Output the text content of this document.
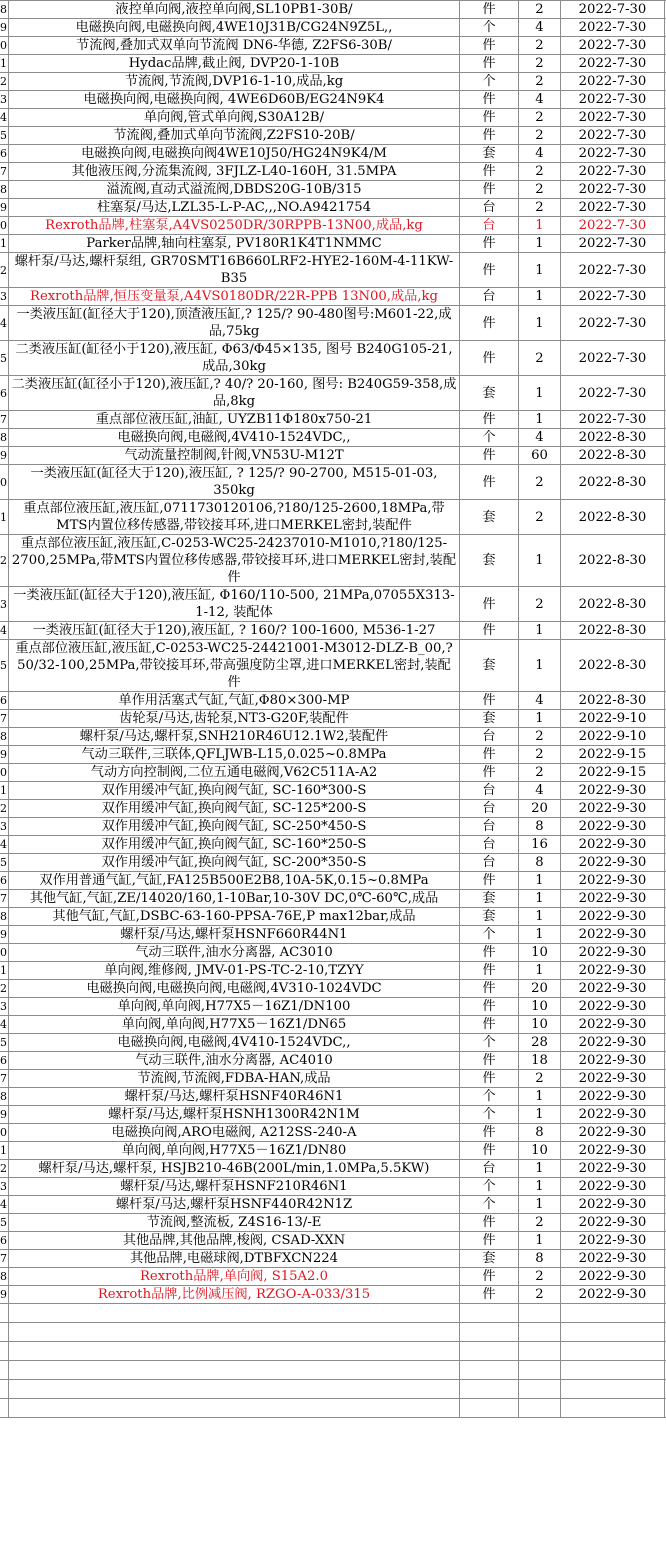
8	液控单向阀,液控单向阀,SL10PB1-30B/	件	2	2022-7-30	
9	电磁换向阀,电磁换向阀,4WE10J31B/CG24N9Z5L,,	个	4	2022-7-30	
0	节流阀,叠加式双单向节流阀 DN6-华德, Z2FS6-30B/	件	2	2022-7-30	
1	Hydac品牌,截止阀, DVP20-1-10B	件	2	2022-7-30	
2	节流阀,节流阀,DVP16-1-10,成品,kg	个	2	2022-7-30	
3	电磁换向阀,电磁换向阀, 4WE6D60B/EG24N9K4	件	4	2022-7-30	
4	单向阀,管式单向阀,S30A12B/	件	2	2022-7-30	
5	节流阀,叠加式单向节流阀,Z2FS10-20B/	件	2	2022-7-30	
6	电磁换向阀,电磁换向阀4WE10J50/HG24N9K4/M	套	4	2022-7-30	
7	其他液压阀,分流集流阀, 3FJLZ-L40-160H, 31.5MPA	件	2	2022-7-30	
8	溢流阀,直动式溢流阀,DBDS20G-10B/315	件	2	2022-7-30	
9	柱塞泵/马达,LZL35-L-P-AC,,,NO.A9421754	台	2	2022-7-30	
0	Rexroth品牌,柱塞泵,A4VS0250DR/30RPPB-13N00,成品,kg	台	1	2022-7-30	
1	Parker品牌,轴向柱塞泵, PV180R1K4T1NMMC	件	1	2022-7-30	
2	螺杆泵/马达,螺杆泵组, GR70SMT16B660LRF2-HYE2-160M-4-11KW-B35	件	1	2022-7-30	
3	Rexroth品牌,恒压变量泵,A4VS0180DR/22R-PPB 13N00,成品,kg	台	1	2022-7-30	
4	一类液压缸(缸径大于120),顶渣液压缸,? 125/? 90-480图号:M601-22,成品,75kg	件	1	2022-7-30	
5	二类液压缸(缸径小于120),液压缸, Φ63/Φ45×135, 图号 B240G105-21,成品,30kg	件	2	2022-7-30	
6	二类液压缸(缸径小于120),液压缸,? 40/? 20-160, 图号: B240G59-358,成品,8kg	套	1	2022-7-30	
7	重点部位液压缸,油缸, UYZB11Φ180x750-21	件	1	2022-7-30	
8	电磁换向阀,电磁阀,4V410-1524VDC,,	个	4	2022-8-30	
9	气动流量控制阀,针阀,VN53U-M12T	件	60	2022-8-30	
0	一类液压缸(缸径大于120),液压缸, ? 125/? 90-2700, M515-01-03, 350kg	件	2	2022-8-30	
1	重点部位液压缸,液压缸,0711730120106,?180/125-2600,18MPa,带MTS内置位移传感器,带铰接耳环,进口MERKEL密封,装配件	套	2	2022-8-30	
2	重点部位液压缸,液压缸,C-0253-WC25-24237010-M1010,?180/125-2700,25MPa,带MTS内置位移传感器,带铰接耳环,进口MERKEL密封,装配件	套	1	2022-8-30	
3	一类液压缸(缸径大于120),液压缸, Φ160/110-500, 21MPa,07055X313-1-12, 装配体	件	2	2022-8-30	
4	一类液压缸(缸径大于120),液压缸, ? 160/? 100-1600, M536-1-27	件	1	2022-8-30	
5	重点部位液压缸,液压缸,C-0253-WC25-24421001-M3012-DLZ-B_00,?50/32-100,25MPa,带铰接耳环,带高强度防尘罩,进口MERKEL密封,装配件	套	1	2022-8-30	
6	单作用活塞式气缸,气缸,Φ80×300-MP	件	4	2022-8-30	
7	齿轮泵/马达,齿轮泵,NT3-G20F,装配件	套	1	2022-9-10	
8	螺杆泵/马达,螺杆泵,SNH210R46U12.1W2,装配件	台	2	2022-9-10	
9	气动三联件,三联体,QFLJWB-L15,0.025~0.8MPa	件	2	2022-9-15	
0	气动方向控制阀,二位五通电磁阀,V62C511A-A2	件	2	2022-9-15	
1	双作用缓冲气缸,换向阀气缸, SC-160*300-S	台	4	2022-9-30	
2	双作用缓冲气缸,换向阀气缸, SC-125*200-S	台	20	2022-9-30	
3	双作用缓冲气缸,换向阀气缸, SC-250*450-S	台	8	2022-9-30	
4	双作用缓冲气缸,换向阀气缸, SC-160*250-S	台	16	2022-9-30	
5	双作用缓冲气缸,换向阀气缸, SC-200*350-S	台	8	2022-9-30	
6	双作用普通气缸,气缸,FA125B500E2B8,10A-5K,0.15~0.8MPa	件	1	2022-9-30	
7	其他气缸,气缸,ZE/14020/160,1-10Bar,10-30V DC,0℃-60℃,成品	套	1	2022-9-30	
8	其他气缸,气缸,DSBC-63-160-PPSA-76E,P max12bar,成品	套	1	2022-9-30	
9	螺杆泵/马达,螺杆泵HSNF660R44N1	个	1	2022-9-30	
0	气动三联件,油水分离器, AC3010	件	10	2022-9-30	
1	单向阀,维修阀, JMV-01-PS-TC-2-10,TZYY	件	1	2022-9-30	
2	电磁换向阀,电磁换向阀,电磁阀,4V310-1024VDC	件	20	2022-9-30	
3	单向阀,单向阀,H77X5－16Z1/DN100	件	10	2022-9-30	
4	单向阀,单向阀,H77X5－16Z1/DN65	件	10	2022-9-30	
5	电磁换向阀,电磁阀,4V410-1524VDC,,	个	28	2022-9-30	
6	气动三联件,油水分离器, AC4010	件	18	2022-9-30	
7	节流阀,节流阀,FDBA-HAN,成品	件	2	2022-9-30	
8	螺杆泵/马达,螺杆泵HSNF40R46N1	个	1	2022-9-30	
9	螺杆泵/马达,螺杆泵HSNH1300R42N1M	个	1	2022-9-30	
0	电磁换向阀,ARO电磁阀, A212SS-240-A	件	8	2022-9-30	
1	单向阀,单向阀,H77X5－16Z1/DN80	件	10	2022-9-30	
2	螺杆泵/马达,螺杆泵, HSJB210-46B(200L/min,1.0MPa,5.5KW)	台	1	2022-9-30	
3	螺杆泵/马达,螺杆泵HSNF210R46N1	个	1	2022-9-30	
4	螺杆泵/马达,螺杆泵HSNF440R42N1Z	个	1	2022-9-30	
5	节流阀,整流板, Z4S16-13/-E	件	2	2022-9-30	
6	其他品牌,其他品牌,梭阀, CSAD-XXN	件	1	2022-9-30	
7	其他品牌,电磁球阀,DTBFXCN224	套	8	2022-9-30	
8	Rexroth品牌,单向阀, S15A2.0	件	2	2022-9-30	
9	Rexroth品牌,比例减压阀, RZGO-A-033/315	件	2	2022-9-30	
